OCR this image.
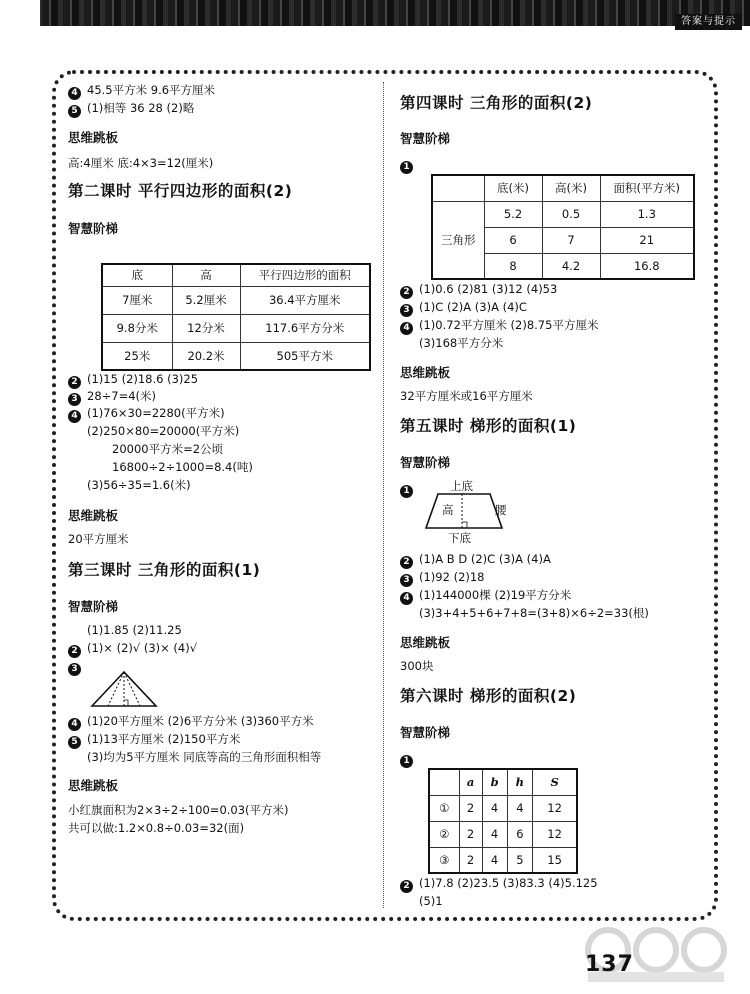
答案与提示
4 45.5平方米 9.6平方厘米
5 (1)相等 36 28 (2)略
思维跳板
高:4厘米 底:4×3=12(厘米)
第二课时 平行四边形的面积(2)
智慧阶梯
底	高	平行四边形的面积
7厘米	5.2厘米	36.4平方厘米
9.8分米	12分米	117.6平方分米
25米	20.2米	505平方米
2 (1)15 (2)18.6 (3)25
3 28÷7=4(米)
4 (1)76×30=2280(平方米)
(2)250×80=20000(平方米)
20000平方米=2公顷
16800÷2÷1000=8.4(吨)
(3)56÷35=1.6(米)
思维跳板
20平方厘米
第三课时 三角形的面积(1)
智慧阶梯
(1)1.85 (2)11.25
2 (1)× (2)√ (3)× (4)√
3
4 (1)20平方厘米 (2)6平方分米 (3)360平方米
5 (1)13平方厘米 (2)150平方米
(3)均为5平方厘米 同底等高的三角形面积相等
思维跳板
小红旗面积为2×3÷2÷100=0.03(平方米)
共可以做:1.2×0.8÷0.03=32(面)
第四课时 三角形的面积(2)
智慧阶梯
1
	底(米)	高(米)	面积(平方米)
三角形	5.2	0.5	1.3
	6	7	21
	8	4.2	16.8
2 (1)0.6 (2)81 (3)12 (4)53
3 (1)C (2)A (3)A (4)C
4 (1)0.72平方厘米 (2)8.75平方厘米
(3)168平方分米
思维跳板
32平方厘米或16平方厘米
第五课时 梯形的面积(1)
智慧阶梯
1	上底
高	腰
下底
2 (1)A B D (2)C (3)A (4)A
3 (1)92 (2)18
4 (1)144000棵 (2)19平方分米
(3)3+4+5+6+7+8=(3+8)×6÷2=33(根)
思维跳板
300块
第六课时 梯形的面积(2)
智慧阶梯
1
	a	b	h	S
①	2	4	4	12
②	2	4	6	12
③	2	4	5	15
2 (1)7.8 (2)23.5 (3)83.3 (4)5.125
(5)1
137
